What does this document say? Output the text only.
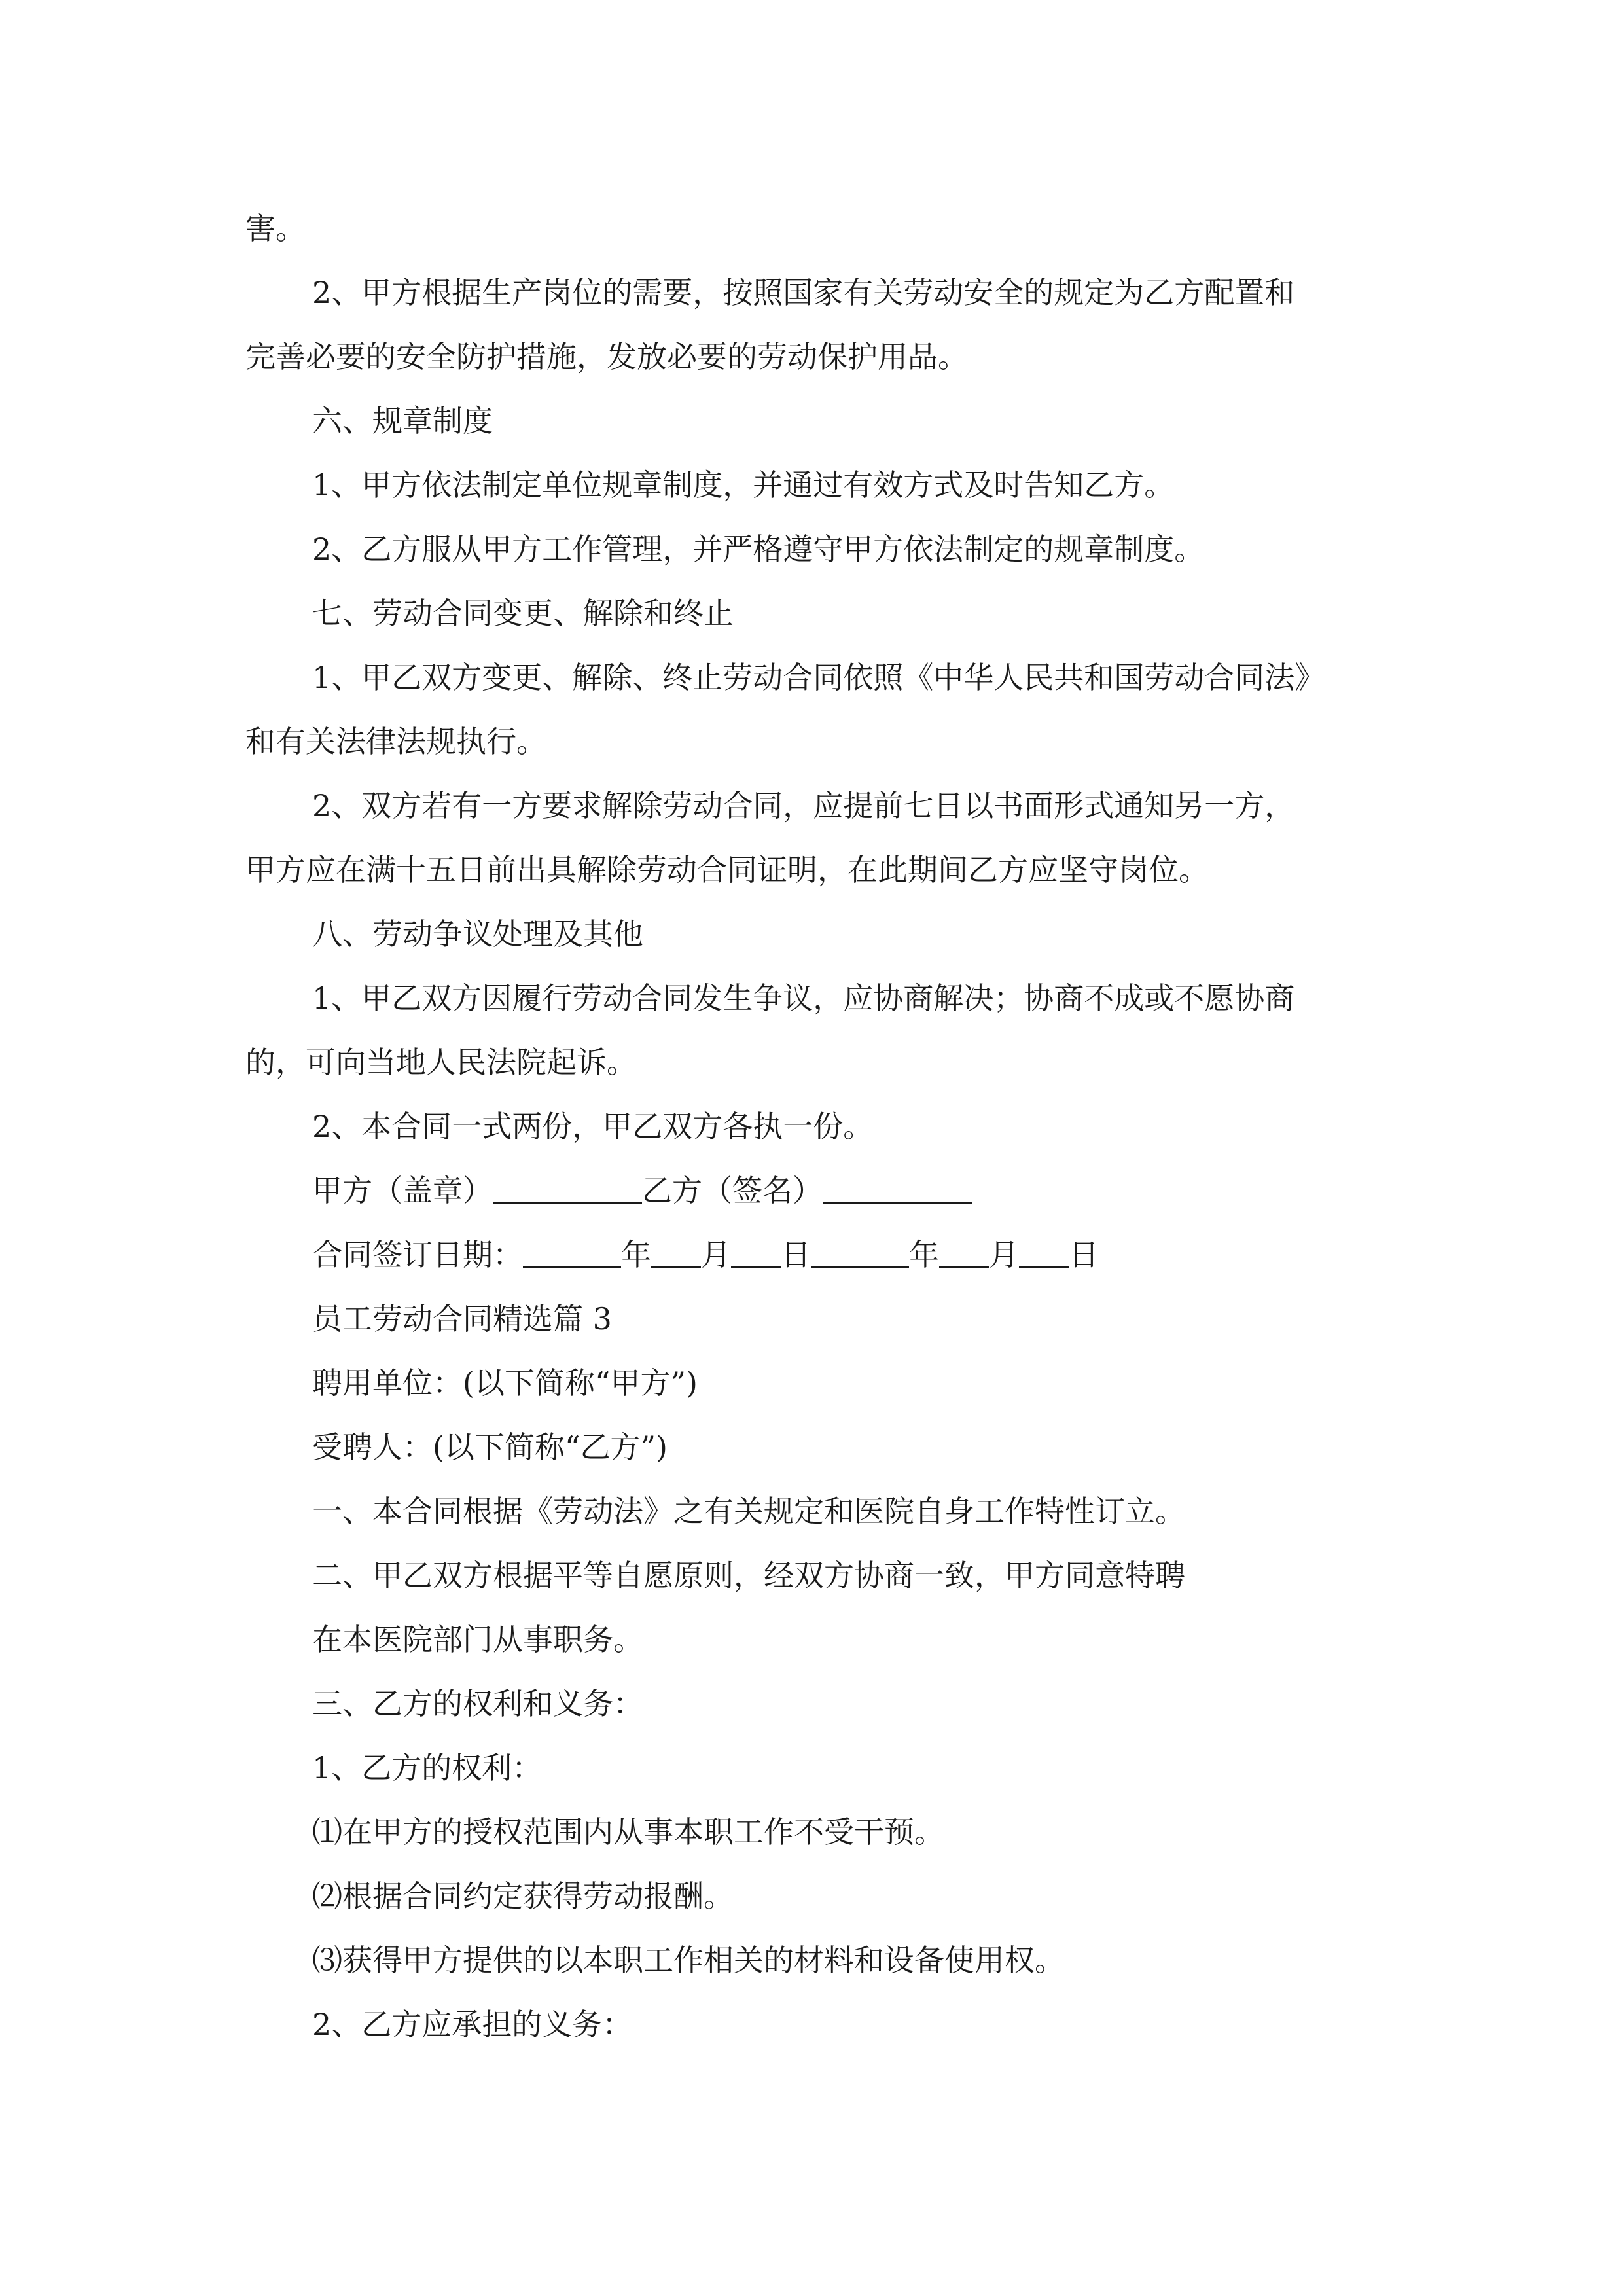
害。

2、甲方根据生产岗位的需要，按照国家有关劳动安全的规定为乙方配置和

完善必要的安全防护措施，发放必要的劳动保护用品。

六、规章制度

1、甲方依法制定单位规章制度，并通过有效方式及时告知乙方。

2、乙方服从甲方工作管理，并严格遵守甲方依法制定的规章制度。

七、劳动合同变更、解除和终止

1、甲乙双方变更、解除、终止劳动合同依照《中华人民共和国劳动合同法》

和有关法律法规执行。

2、双方若有一方要求解除劳动合同，应提前七日以书面形式通知另一方，

甲方应在满十五日前出具解除劳动合同证明，在此期间乙方应坚守岗位。

八、劳动争议处理及其他

1、甲乙双方因履行劳动合同发生争议，应协商解决；协商不成或不愿协商

的，可向当地人民法院起诉。

2、本合同一式两份，甲乙双方各执一份。

甲方（盖章）	乙方（签名）

合同签订日期：	年 月 日	年 月 日

员工劳动合同精选篇 3

聘用单位：(以下简称“甲方”)

受聘人：(以下简称“乙方”)

一、本合同根据《劳动法》之有关规定和医院自身工作特性订立。

二、甲乙双方根据平等自愿原则，经双方协商一致，甲方同意特聘

在本医院部门从事职务。

三、乙方的权利和义务：

1、乙方的权利：

⑴在甲方的授权范围内从事本职工作不受干预。

⑵根据合同约定获得劳动报酬。

⑶获得甲方提供的以本职工作相关的材料和设备使用权。

2、乙方应承担的义务：
